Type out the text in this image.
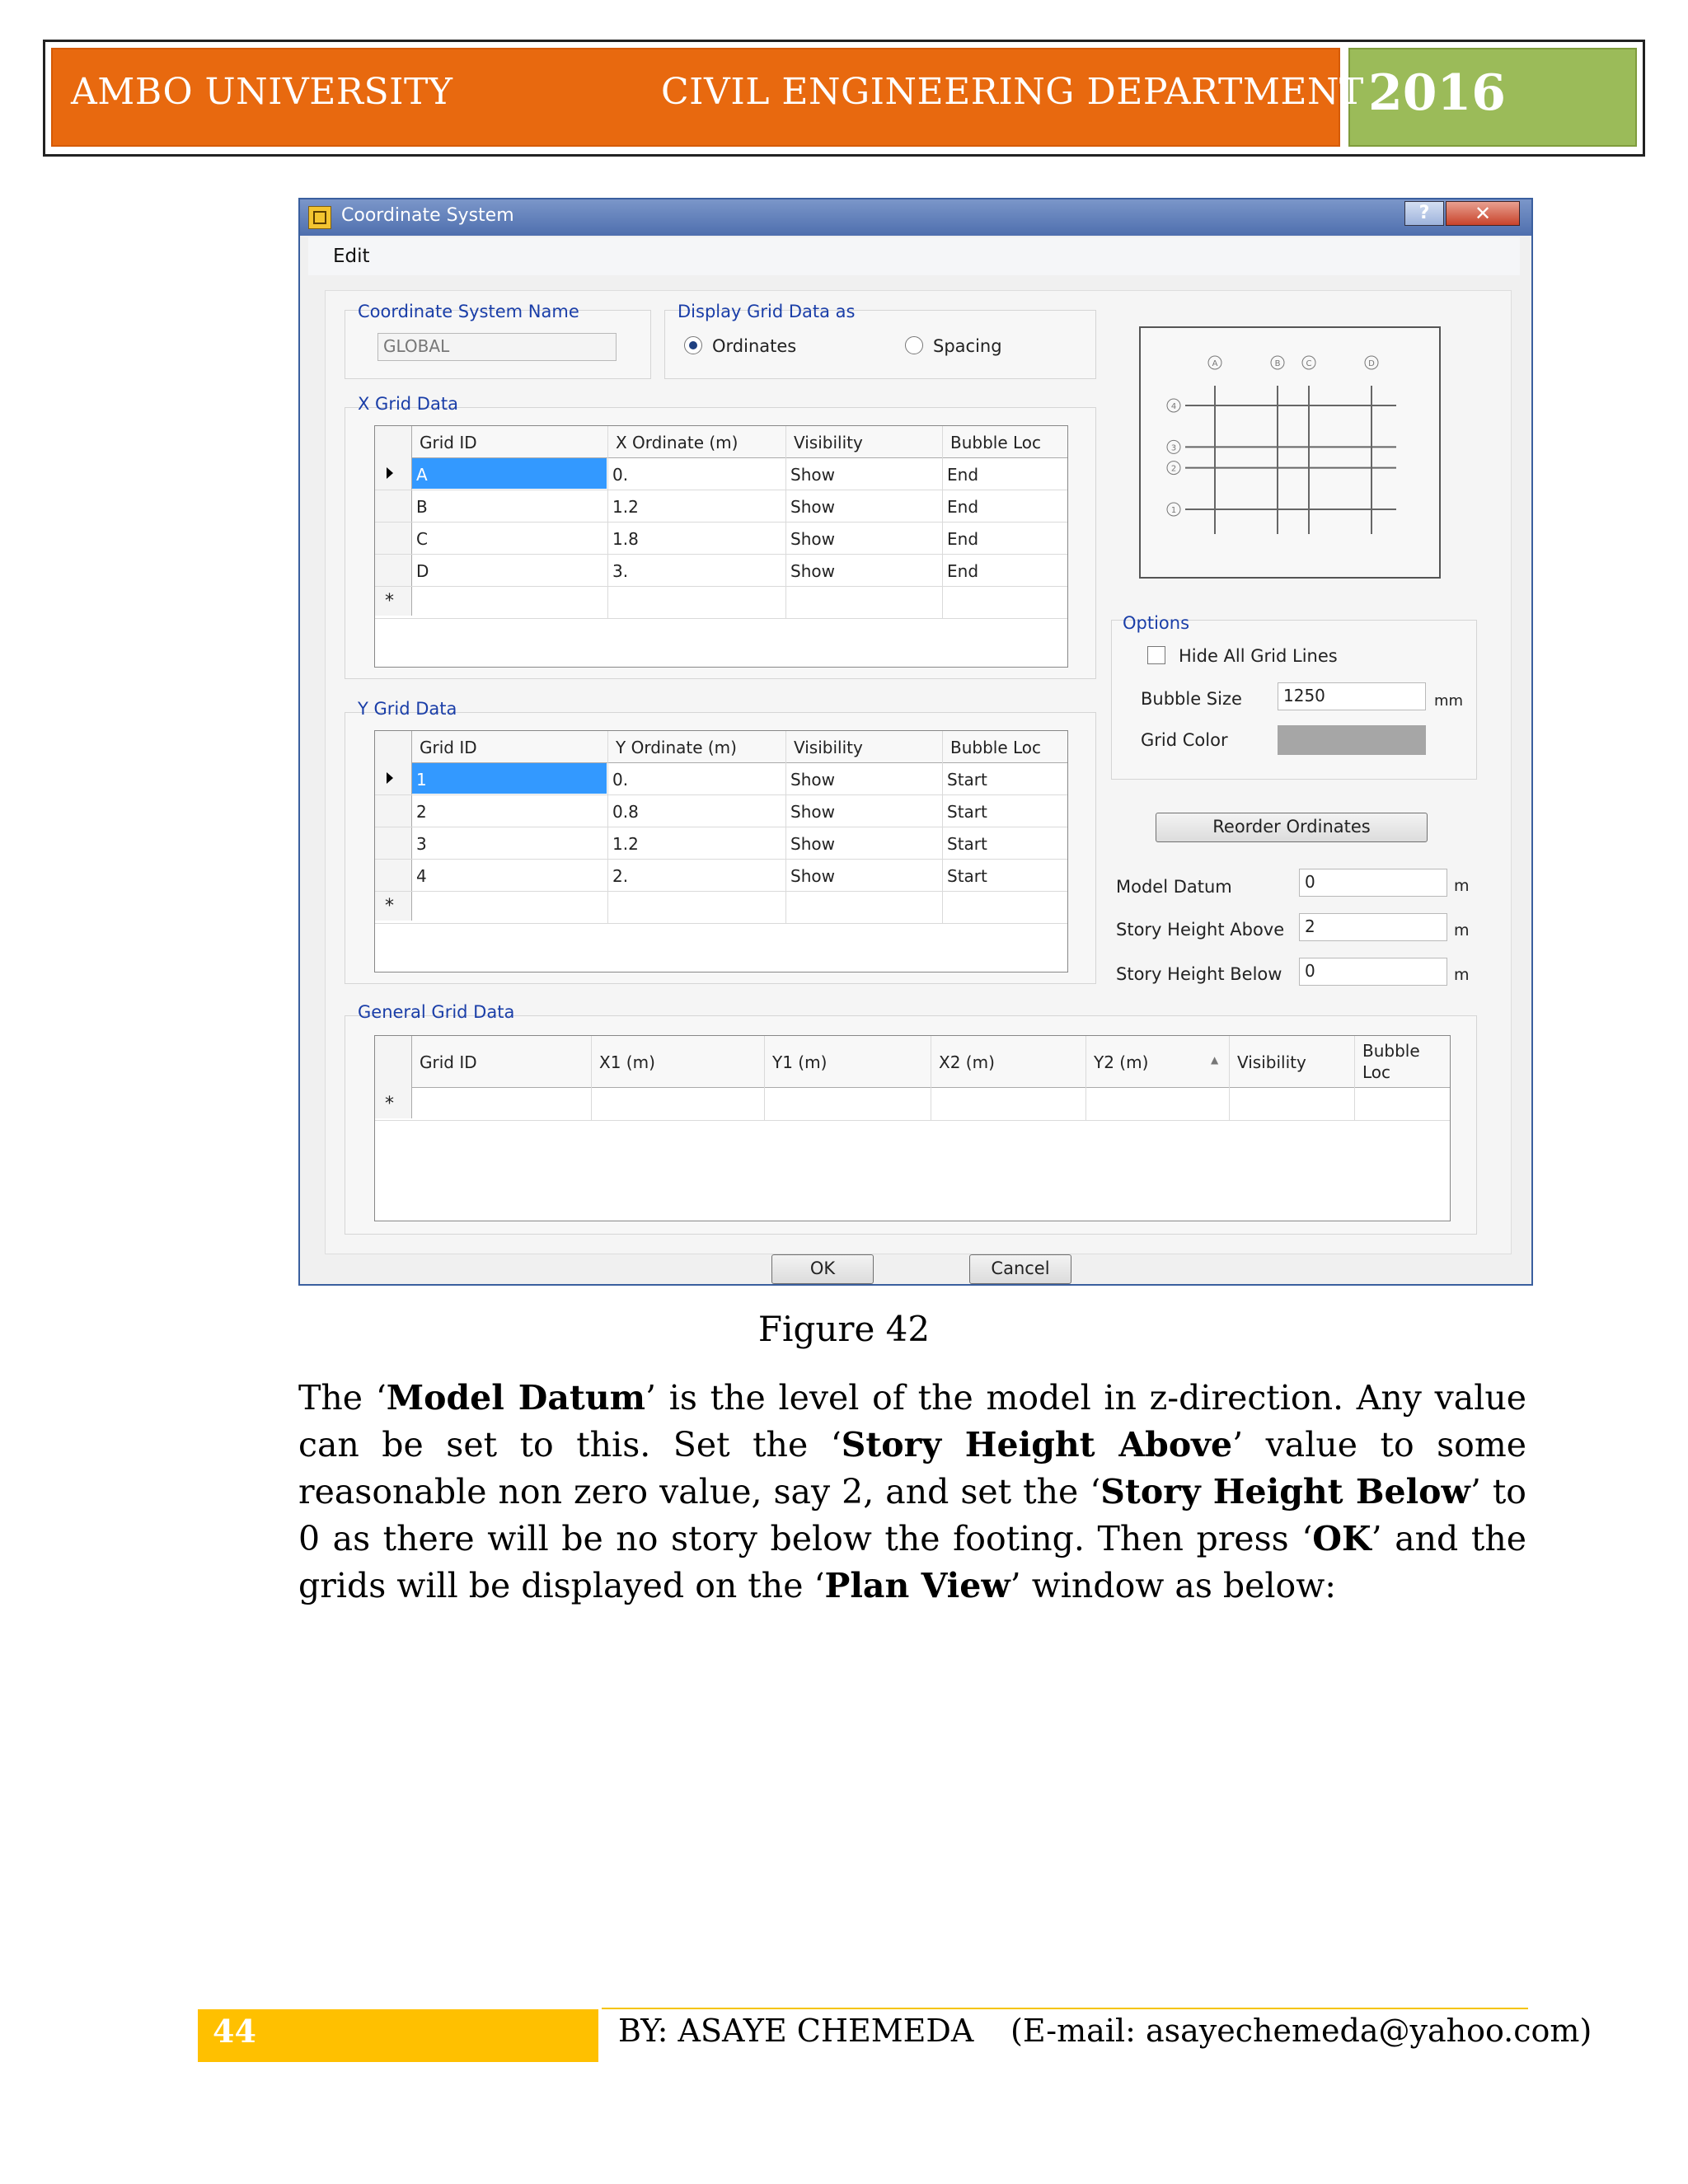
AMBO UNIVERSITY	CIVIL ENGINEERING DEPARTMENT 2016
Coordinate System	?	✕
Edit
Coordinate System Name
GLOBAL
Display Grid Data as
Ordinates	Spacing
X Grid Data
Grid ID	X Ordinate (m)	Visibility	Bubble Loc
A	0.	Show	End
B	1.2	Show	End
C	1.8	Show	End
D	3.	Show	End
*
Y Grid Data
Grid ID	Y Ordinate (m)	Visibility	Bubble Loc
1	0.	Show	Start
2	0.8	Show	Start
3	1.2	Show	Start
4	2.	Show	Start
*
General Grid Data
Grid ID	X1 (m)	Y1 (m)	X2 (m)	Y2 (m)	Visibility
Bubble
Loc
▲
*
A	B	C	D
1
2
3
4
Options
Hide All Grid Lines
Bubble Size	1250	mm
Grid Color
Reorder Ordinates
Model Datum	0	m
Story Height Above	2	m
Story Height Below	0	m
OK	Cancel
Figure 42
The ‘Model Datum’ is the level of the model in z-direction. Any value can be set to this. Set the ‘Story Height Above’ value to some reasonable non zero value, say 2, and set the ‘Story Height Below’ to 0 as there will be no story below the footing. Then press ‘OK’ and the grids will be displayed on the ‘Plan View’ window as below:
44	BY: ASAYE CHEMEDA (E-mail: asayechemeda@yahoo.com)
